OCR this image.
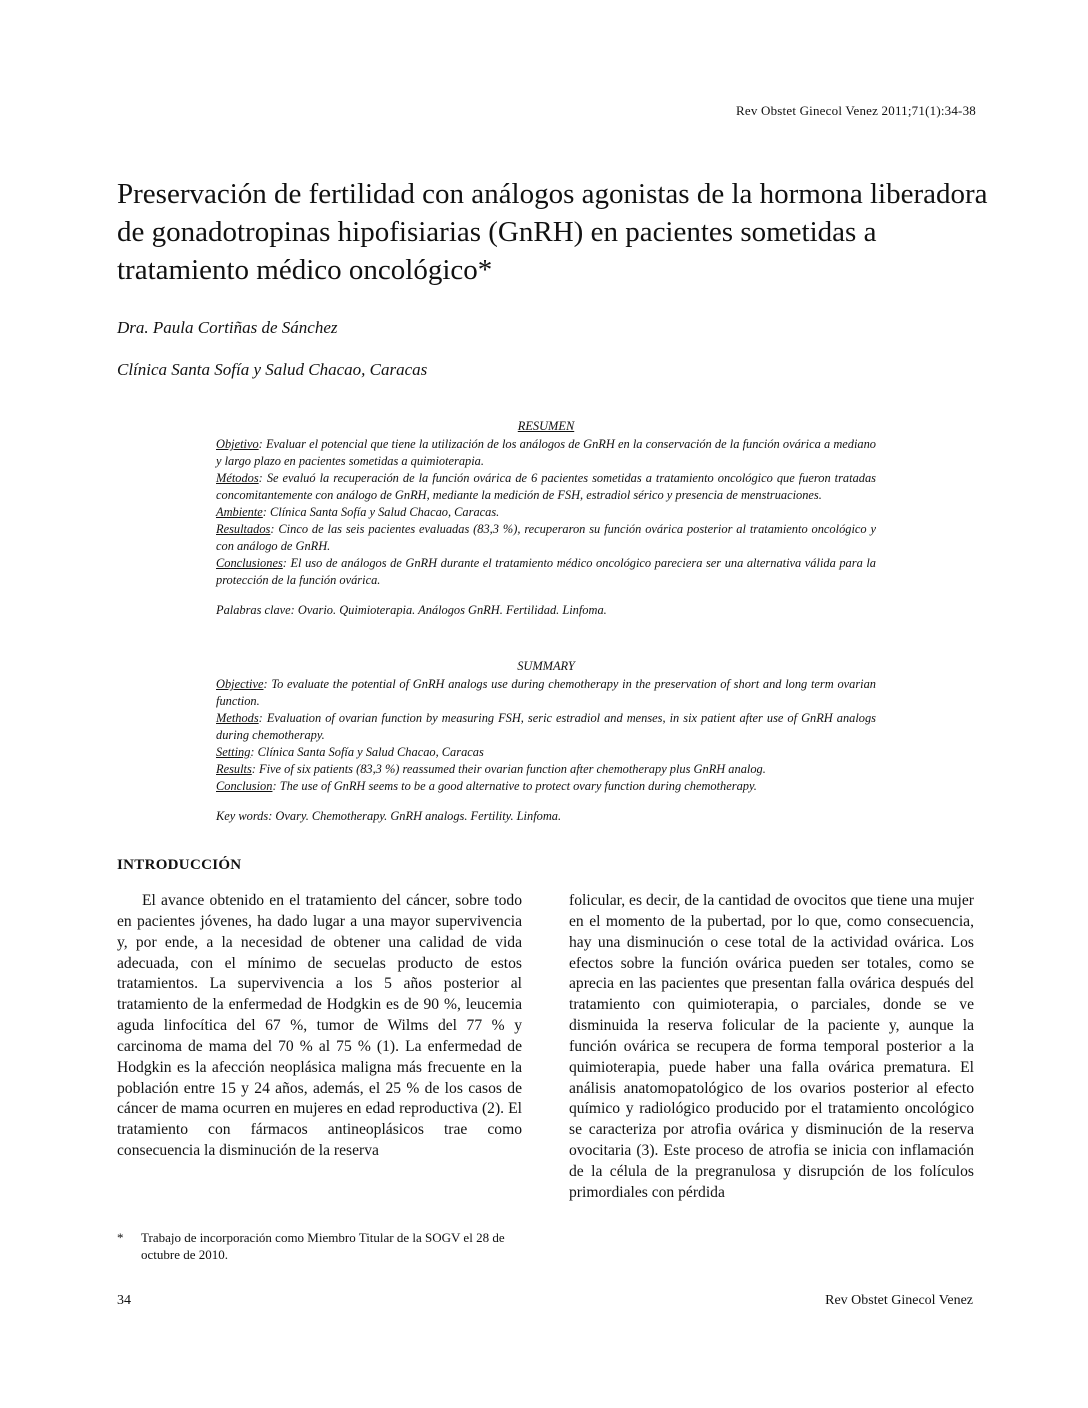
Rev Obstet Ginecol Venez 2011;71(1):34-38
Preservación de fertilidad con análogos agonistas de la hormona liberadora de gonadotropinas hipofisiarias (GnRH) en pacientes sometidas a tratamiento médico oncológico*
Dra. Paula Cortiñas de Sánchez
Clínica Santa Sofía y Salud Chacao, Caracas
RESUMEN

Objetivo: Evaluar el potencial que tiene la utilización de los análogos de GnRH en la conservación de la función ovárica a mediano y largo plazo en pacientes sometidas a quimioterapia.

Métodos: Se evaluó la recuperación de la función ovárica de 6 pacientes sometidas a tratamiento oncológico que fueron tratadas concomitantemente con análogo de GnRH, mediante la medición de FSH, estradiol sérico y presencia de menstruaciones.

Ambiente: Clínica Santa Sofía y Salud Chacao, Caracas.

Resultados: Cinco de las seis pacientes evaluadas (83,3 %), recuperaron su función ovárica posterior al tratamiento oncológico y con análogo de GnRH.

Conclusiones: El uso de análogos de GnRH durante el tratamiento médico oncológico pareciera ser una alternativa válida para la protección de la función ovárica.

Palabras clave: Ovario. Quimioterapia. Análogos GnRH. Fertilidad. Linfoma.

SUMMARY

Objective: To evaluate the potential of GnRH analogs use during chemotherapy in the preservation of short and long term ovarian function.

Methods: Evaluation of ovarian function by measuring FSH, seric estradiol and menses, in six patient after use of GnRH analogs during chemotherapy.

Setting: Clínica Santa Sofía y Salud Chacao, Caracas

Results: Five of six patients (83,3 %) reassumed their ovarian function after chemotherapy plus GnRH analog.

Conclusion: The use of GnRH seems to be a good alternative to protect ovary function during chemotherapy.

Key words: Ovary. Chemotherapy. GnRH analogs. Fertility. Linfoma.

INTRODUCCIÓN

El avance obtenido en el tratamiento del cáncer, sobre todo en pacientes jóvenes, ha dado lugar a una mayor supervivencia y, por ende, a la necesidad de obtener una calidad de vida adecuada, con el mínimo de secuelas producto de estos tratamientos. La supervivencia a los 5 años posterior al tratamiento de la enfermedad de Hodgkin es de 90 %, leucemia aguda linfocítica del 67 %, tumor de Wilms del 77 % y carcinoma de mama del 70 % al 75 % (1). La enfermedad de Hodgkin es la afección neoplásica maligna más frecuente en la población entre 15 y 24 años, además, el 25 % de los casos de cáncer de mama ocurren en mujeres en edad reproductiva (2). El tratamiento con fármacos antineoplásicos trae como consecuencia la disminución de la reserva

folicular, es decir, de la cantidad de ovocitos que tiene una mujer en el momento de la pubertad, por lo que, como consecuencia, hay una disminución o cese total de la actividad ovárica. Los efectos sobre la función ovárica pueden ser totales, como se aprecia en las pacientes que presentan falla ovárica después del tratamiento con quimioterapia, o parciales, donde se ve disminuida la reserva folicular de la paciente y, aunque la función ovárica se recupera de forma temporal posterior a la quimioterapia, puede haber una falla ovárica prematura. El análisis anatomopatológico de los ovarios posterior al efecto químico y radiológico producido por el tratamiento oncológico se caracteriza por atrofia ovárica y disminución de la reserva ovocitaria (3). Este proceso de atrofia se inicia con inflamación de la célula de la pregranulosa y disrupción de los folículos primordiales con pérdida

* Trabajo de incorporación como Miembro Titular de la SOGV el 28 de octubre de 2010.
34	Rev Obstet Ginecol Venez
